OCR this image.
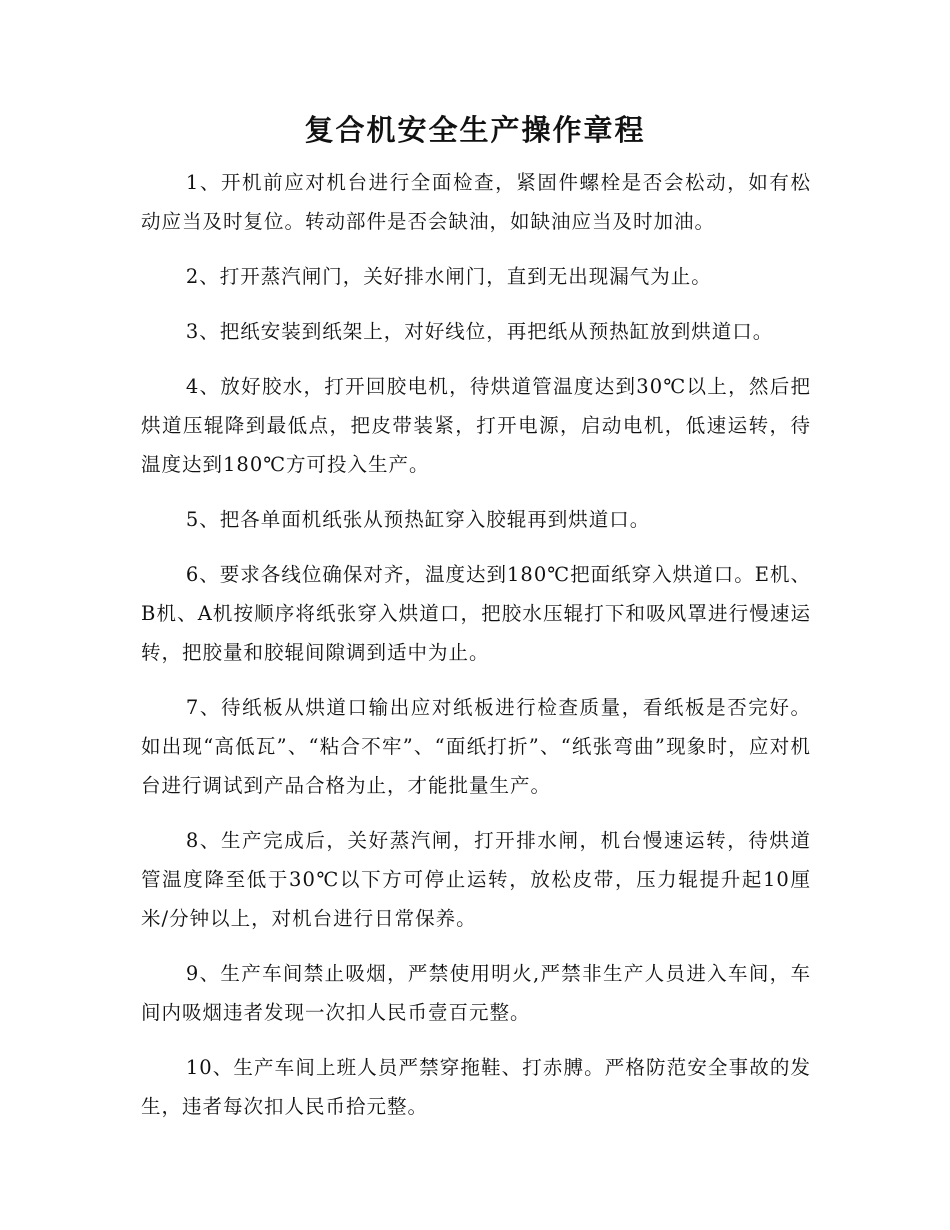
复合机安全生产操作章程

1、开机前应对机台进行全面检查，紧固件螺栓是否会松动，如有松动应当及时复位。转动部件是否会缺油，如缺油应当及时加油。

2、打开蒸汽闸门，关好排水闸门，直到无出现漏气为止。

3、把纸安装到纸架上，对好线位，再把纸从预热缸放到烘道口。

4、放好胶水，打开回胶电机，待烘道管温度达到30℃以上，然后把烘道压辊降到最低点，把皮带装紧，打开电源，启动电机，低速运转，待温度达到180℃方可投入生产。

5、把各单面机纸张从预热缸穿入胶辊再到烘道口。

6、要求各线位确保对齐，温度达到180℃把面纸穿入烘道口。E机、B机、A机按顺序将纸张穿入烘道口，把胶水压辊打下和吸风罩进行慢速运转，把胶量和胶辊间隙调到适中为止。

7、待纸板从烘道口输出应对纸板进行检查质量，看纸板是否完好。如出现“高低瓦”、“粘合不牢”、“面纸打折”、“纸张弯曲”现象时，应对机台进行调试到产品合格为止，才能批量生产。

8、生产完成后，关好蒸汽闸，打开排水闸，机台慢速运转，待烘道管温度降至低于30℃以下方可停止运转，放松皮带，压力辊提升起10厘米/分钟以上，对机台进行日常保养。

9、生产车间禁止吸烟，严禁使用明火,严禁非生产人员进入车间，车间内吸烟违者发现一次扣人民币壹百元整。

10、生产车间上班人员严禁穿拖鞋、打赤膊。严格防范安全事故的发生，违者每次扣人民币拾元整。
